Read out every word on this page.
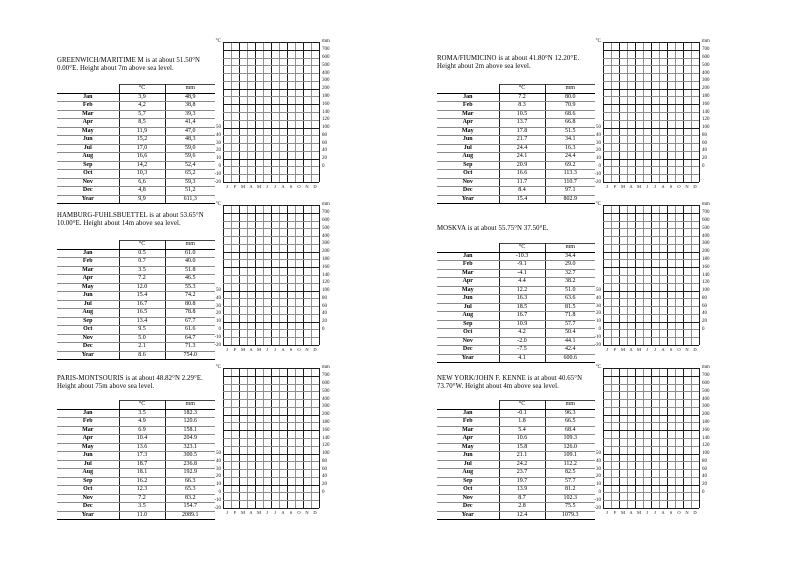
GREENWICH/MARITIME M is at about 51.50°N 0.00°E. Height about 7m above sea level.
	°C	mm
Jan	3,9	48,9
Feb	4,2	38,8
Mar	5,7	39,3
Apr	8,5	41,4
May	11,9	47,0
Jun	15,2	48,3
Jul	17,0	59,0
Aug	16,6	59,6
Sep	14,2	52,4
Oct	10,3	65,2
Nov	6,6	59,3
Dec	4,8	51,2
Year	9,9	611,3
°C	mm
700
600
500
400
300
200
180
160
140
120
100
80
60
40
20
0
50
40
30
20
10
0
-10
-20
J	F	M A M	J	J	A	S	O	N	D
ROMA/FIUMICINO is at about 41.80°N 12.20°E. Height about 2m above sea level.
	°C	mm
Jan	7.2	80.0
Feb	8.3	70.9
Mar	10.5	68.6
Apr	13.7	66.8
May	17.8	51.5
Jun	21.7	34.1
Jul	24.4	16.3
Aug	24.1	24.4
Sep	20.9	69.2
Oct	16.6	113.3
Nov	11.7	110.7
Dec	8.4	97.1
Year	15.4	802.9
°C	mm
700
600
500
400
300
200
180
160
140
120
100
80
60
40
20
0
50
40
30
20
10
0
-10
-20
J	F	M A M	J	J	A	S	O	N	D
HAMBURG-FUHLSBUETTEL is at about 53.65°N 10.00°E. Height about 14m above sea level.
	°C	mm
Jan	0.5	61.0
Feb	0.7	40.0
Mar	3.5	51.8
Apr	7.2	46.5
May	12.0	55.3
Jun	15.4	74.2
Jul	16.7	80.8
Aug	16.5	78.8
Sep	13.4	67.7
Oct	9.5	61.6
Nov	5.0	64.7
Dec	2.1	71.3
Year	8.6	754.0
°C	mm
700
600
500
400
300
200
180
160
140
120
100
80
60
40
20
0
50
40
30
20
10
0
-10
-20
J	F	M A M	J	J	A	S	O	N	D
MOSKVA is at about 55.75°N 37.50°E.
	°C	mm
Jan	-10.3	34.4
Feb	-9.1	29.0
Mar	-4.1	32.7
Apr	4.4	38.2
May	12.2	51.0
Jun	16.3	63.6
Jul	18.5	81.5
Aug	16.7	71.8
Sep	10.9	57.7
Oct	4.2	50.4
Nov	-2.0	44.1
Dec	-7.5	42.4
Year	4.1	600.6
°C	mm
700
600
500
400
300
200
180
160
140
120
100
80
60
40
20
0
50
40
30
20
10
0
-10
-20
J	F	M A M	J	J	A	S	O	N	D
PARIS-MONTSOURIS is at about 48.82°N 2.29°E. Height about 75m above sea level.
	°C	mm
Jan	3.5	182.3
Feb	4.9	120.6
Mar	6.9	158.1
Apr	10.4	204.9
May	13.6	323.1
Jun	17.3	300.5
Jul	18.7	236.8
Aug	18.1	192.9
Sep	16.2	66.3
Oct	12.3	65.3
Nov	7.2	83.2
Dec	3.5	154.7
Year	11.0	2089.1
°C	mm
700
600
500
400
300
200
180
160
140
120
100
80
60
40
20
0
50
40
30
20
10
0
-10
-20
J	F	M A M	J	J	A	S	O	N	D
NEW YORK/JOHN F. KENNE is at about 40.65°N 73.70°W. Height about 4m above sea level.
	°C	mm
Jan	-0.1	96.3
Feb	1.8	66.5
Mar	5.4	68.4
Apr	10.6	109.3
May	15.8	126.0
Jun	21.1	109.1
Jul	24.2	112.2
Aug	23.7	82.5
Sep	19.7	57.7
Oct	13.9	81.2
Nov	8.7	102.3
Dec	2.8	75.5
Year	12.4	1079.3
°C	mm
700
600
500
400
300
200
180
160
140
120
100
80
60
40
20
0
50
40
30
20
10
0
-10
-20
J	F	M A M	J	J	A	S	O	N	D
